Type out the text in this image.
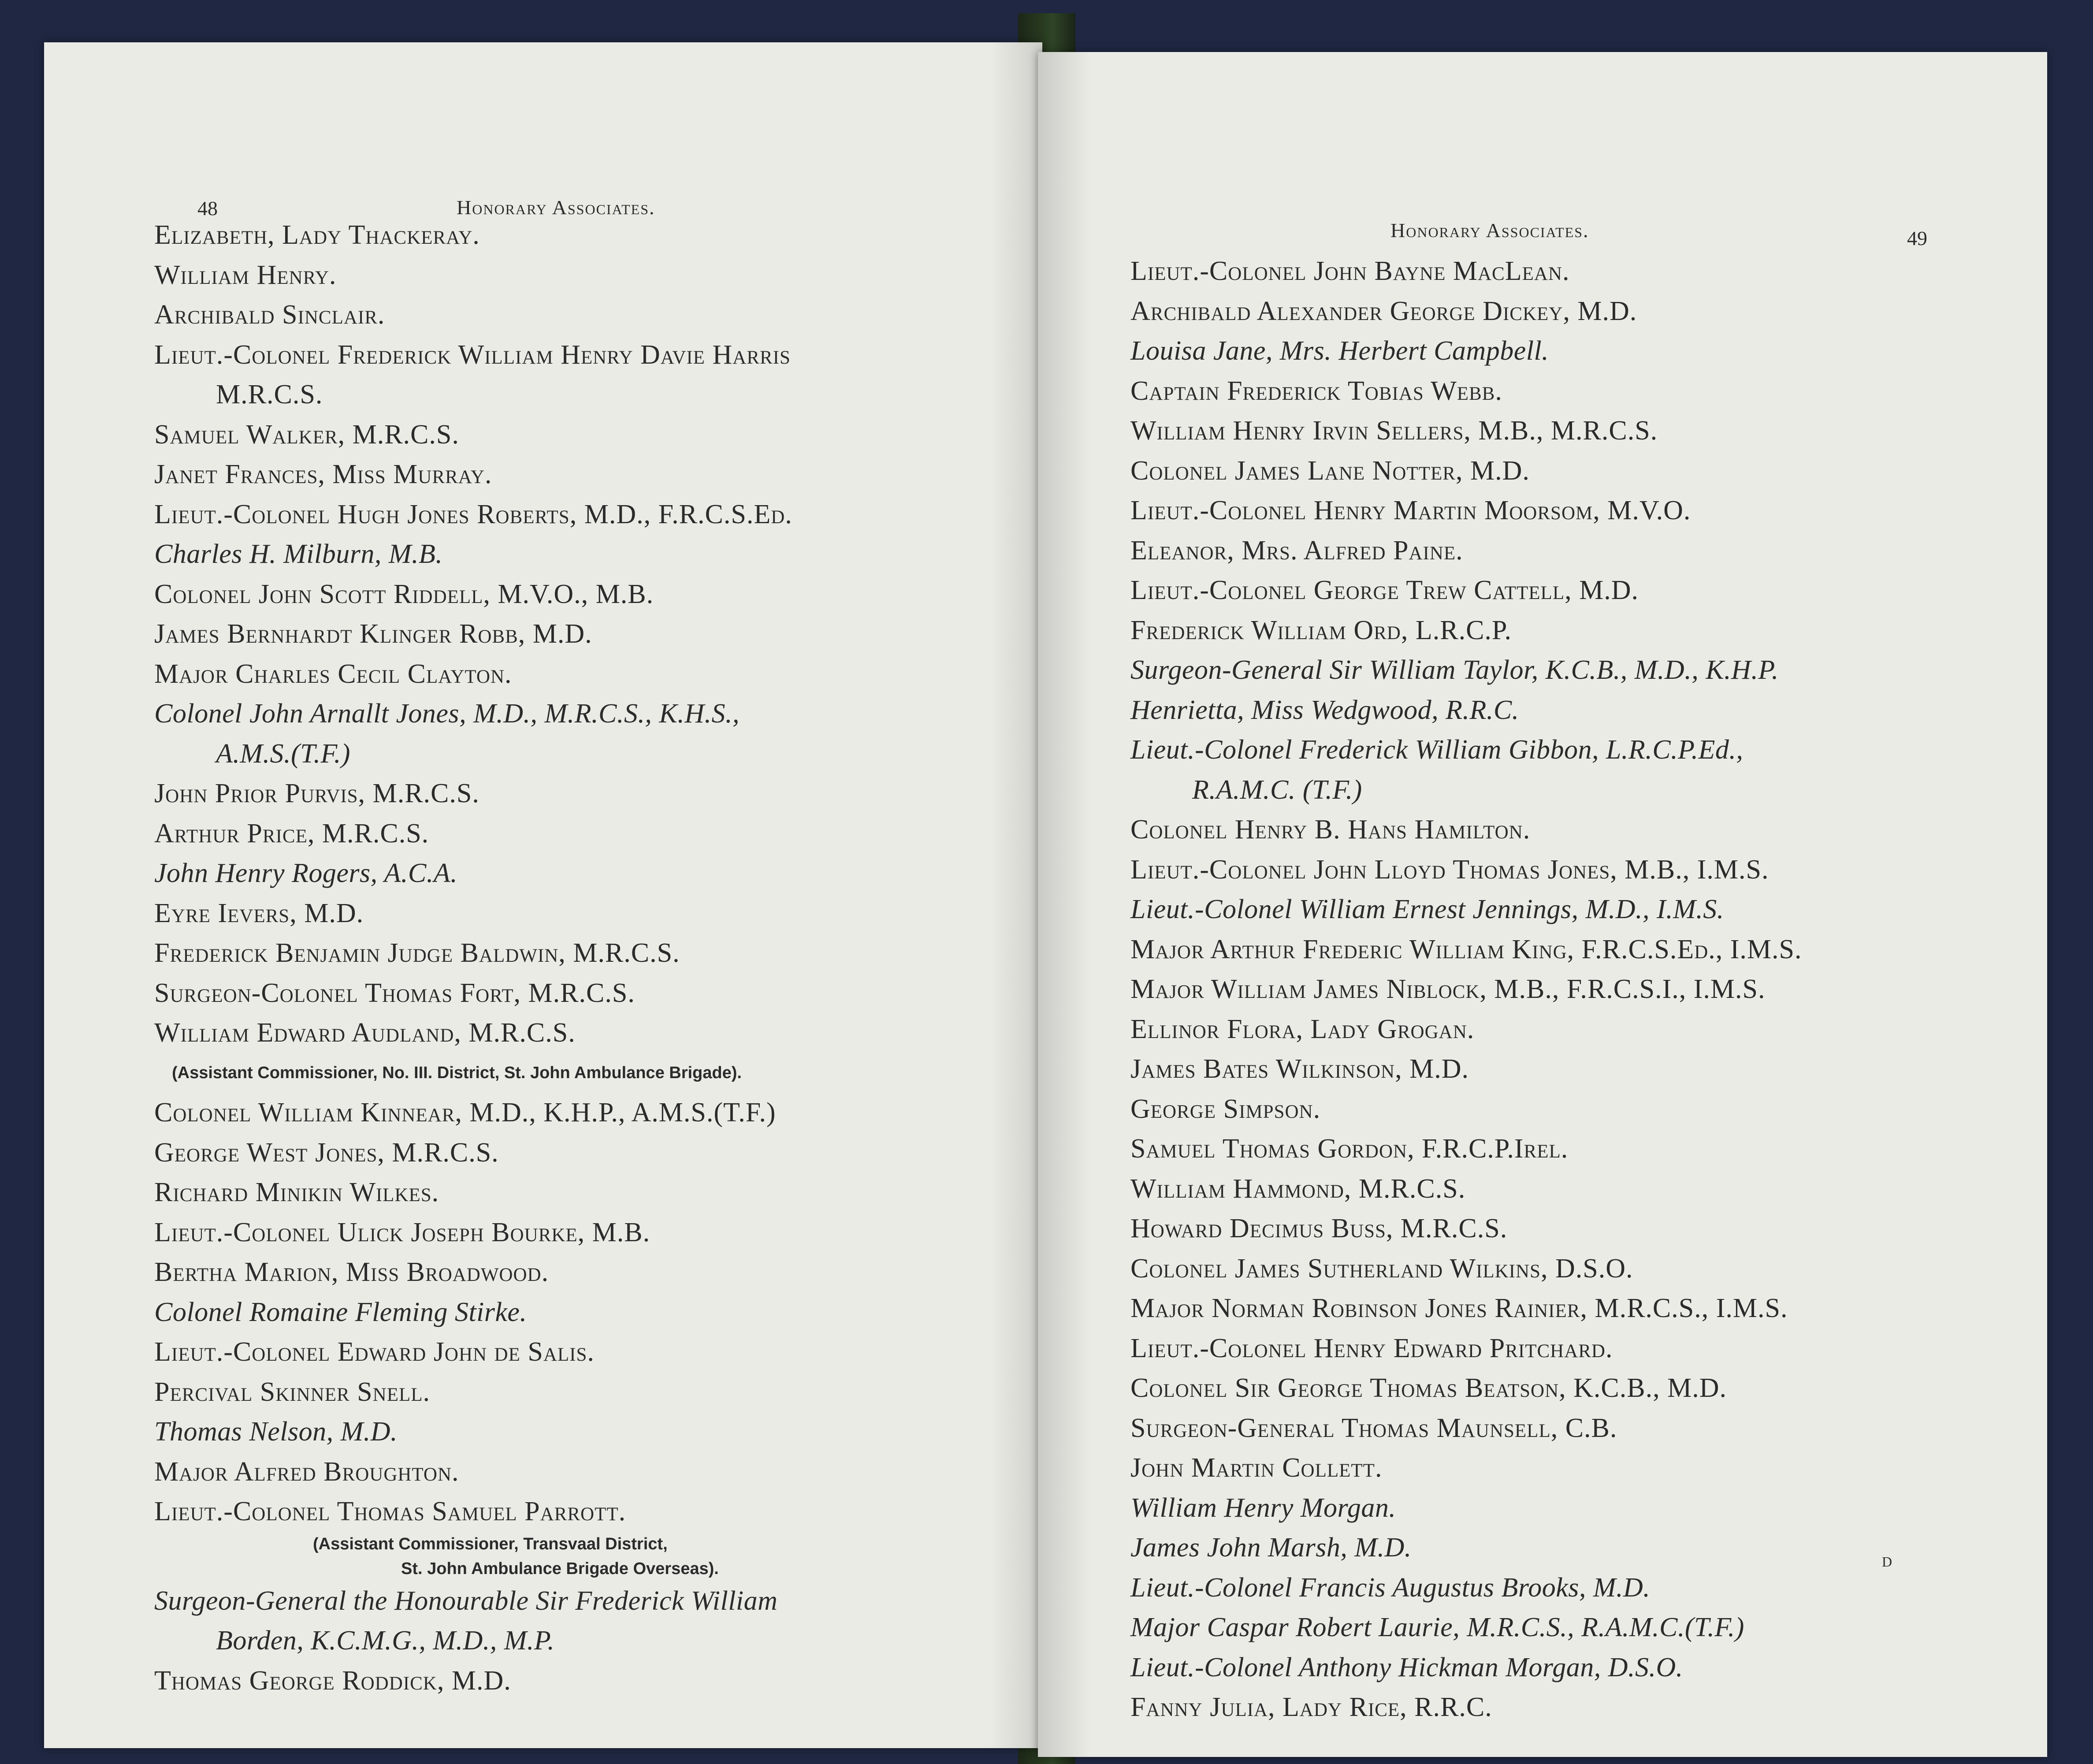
48	Honorary Associates.
Honorary Associates.	49
Elizabeth, Lady Thackeray.
William Henry.
Archibald Sinclair.
Lieut.-Colonel Frederick William Henry Davie Harris
M.R.C.S.
Samuel Walker, M.R.C.S.
Janet Frances, Miss Murray.
Lieut.-Colonel Hugh Jones Roberts, M.D., F.R.C.S.Ed.
Charles H. Milburn, M.B.
Colonel John Scott Riddell, M.V.O., M.B.
James Bernhardt Klinger Robb, M.D.
Major Charles Cecil Clayton.
Colonel John Arnallt Jones, M.D., M.R.C.S., K.H.S.,
A.M.S.(T.F.)
John Prior Purvis, M.R.C.S.
Arthur Price, M.R.C.S.
John Henry Rogers, A.C.A.
Eyre Ievers, M.D.
Frederick Benjamin Judge Baldwin, M.R.C.S.
Surgeon-Colonel Thomas Fort, M.R.C.S.
William Edward Audland, M.R.C.S.
(Assistant Commissioner, No. III. District, St. John Ambulance Brigade).
Colonel William Kinnear, M.D., K.H.P., A.M.S.(T.F.)
George West Jones, M.R.C.S.
Richard Minikin Wilkes.
Lieut.-Colonel Ulick Joseph Bourke, M.B.
Bertha Marion, Miss Broadwood.
Colonel Romaine Fleming Stirke.
Lieut.-Colonel Edward John de Salis.
Percival Skinner Snell.
Thomas Nelson, M.D.
Major Alfred Broughton.
Lieut.-Colonel Thomas Samuel Parrott.
(Assistant Commissioner, Transvaal District,
St. John Ambulance Brigade Overseas).
Surgeon-General the Honourable Sir Frederick William
Borden, K.C.M.G., M.D., M.P.
Thomas George Roddick, M.D.
Lieut.-Colonel John Bayne MacLean.
Archibald Alexander George Dickey, M.D.
Louisa Jane, Mrs. Herbert Campbell.
Captain Frederick Tobias Webb.
William Henry Irvin Sellers, M.B., M.R.C.S.
Colonel James Lane Notter, M.D.
Lieut.-Colonel Henry Martin Moorsom, M.V.O.
Eleanor, Mrs. Alfred Paine.
Lieut.-Colonel George Trew Cattell, M.D.
Frederick William Ord, L.R.C.P.
Surgeon-General Sir William Taylor, K.C.B., M.D., K.H.P.
Henrietta, Miss Wedgwood, R.R.C.
Lieut.-Colonel Frederick William Gibbon, L.R.C.P.Ed.,
R.A.M.C. (T.F.)
Colonel Henry B. Hans Hamilton.
Lieut.-Colonel John Lloyd Thomas Jones, M.B., I.M.S.
Lieut.-Colonel William Ernest Jennings, M.D., I.M.S.
Major Arthur Frederic William King, F.R.C.S.Ed., I.M.S.
Major William James Niblock, M.B., F.R.C.S.I., I.M.S.
Ellinor Flora, Lady Grogan.
James Bates Wilkinson, M.D.
George Simpson.
Samuel Thomas Gordon, F.R.C.P.Irel.
William Hammond, M.R.C.S.
Howard Decimus Buss, M.R.C.S.
Colonel James Sutherland Wilkins, D.S.O.
Major Norman Robinson Jones Rainier, M.R.C.S., I.M.S.
Lieut.-Colonel Henry Edward Pritchard.
Colonel Sir George Thomas Beatson, K.C.B., M.D.
Surgeon-General Thomas Maunsell, C.B.
John Martin Collett.
William Henry Morgan.
James John Marsh, M.D.
Lieut.-Colonel Francis Augustus Brooks, M.D.
Major Caspar Robert Laurie, M.R.C.S., R.A.M.C.(T.F.)
Lieut.-Colonel Anthony Hickman Morgan, D.S.O.
Fanny Julia, Lady Rice, R.R.C.
D
